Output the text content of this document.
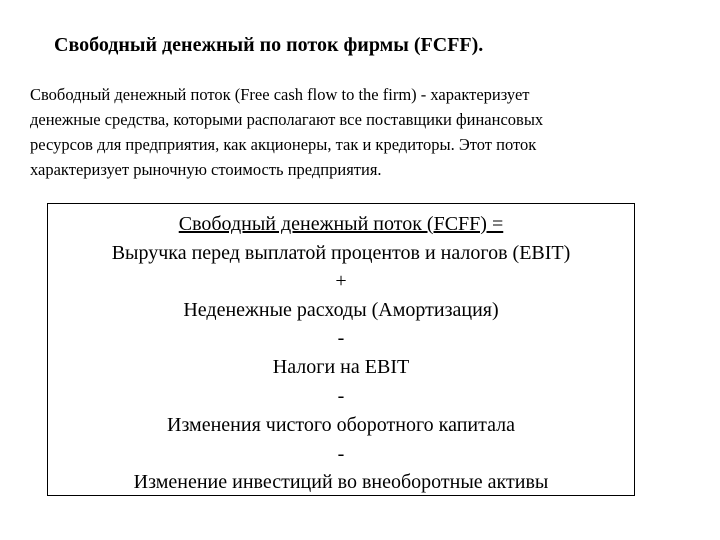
Свободный денежный по поток фирмы (FCFF).
Свободный денежный поток (Free cash flow to the firm) - характеризует
денежные средства, которыми располагают все поставщики финансовых
ресурсов для предприятия, как акционеры, так и кредиторы. Этот поток
характеризует рыночную стоимость предприятия.
Свободный денежный поток (FCFF) =
Выручка перед выплатой процентов и налогов (EBIT)
+
Неденежные расходы (Амортизация)
-
Налоги на EBIT
-
Изменения чистого оборотного капитала
-
Изменение инвестиций во внеоборотные активы
